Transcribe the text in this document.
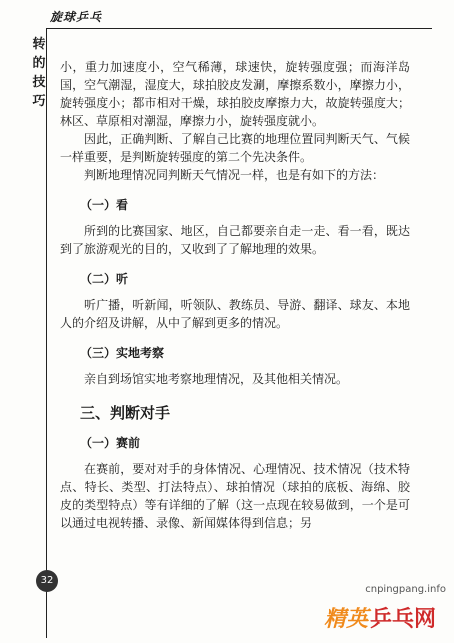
旋球乒乓
转
的
技
巧

小，重力加速度小，空气稀薄，球速快，旋转强度强；而海洋岛国，空气潮湿，湿度大，球拍胶皮发涮，摩擦系数小，摩擦力小，旋转强度小；都市相对干燥，球拍胶皮摩擦力大，故旋转强度大；林区、草原相对潮湿，摩擦力小，旋转强度就小。

因此，正确判断、了解自己比赛的地理位置同判断天气、气候一样重要，是判断旋转强度的第二个先决条件。

判断地理情况同判断天气情况一样，也是有如下的方法：

（一）看

所到的比赛国家、地区，自己都要亲自走一走、看一看，既达到了旅游观光的目的，又收到了了解地理的效果。

（二）听

听广播，听新闻，听领队、教练员、导游、翻译、球友、本地人的介绍及讲解，从中了解到更多的情况。

（三）实地考察

亲自到场馆实地考察地理情况，及其他相关情况。

三、判断对手
（一）赛前

在赛前，要对对手的身体情况、心理情况、技术情况（技术特点、特长、类型、打法特点）、球拍情况（球拍的底板、海绵、胶皮的类型特点）等有详细的了解（这一点现在较易做到，一个是可以通过电视转播、录像、新闻媒体得到信息；另

32
cnpingpang.info
精英 乒乓网
